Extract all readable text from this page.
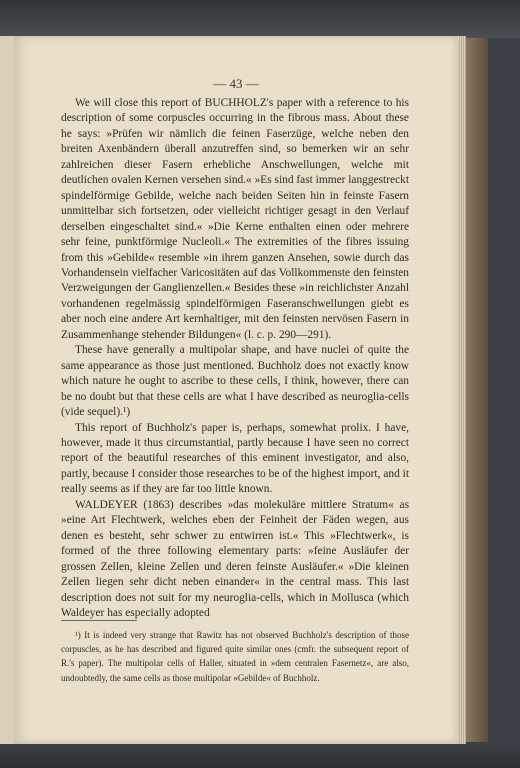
— 43 —

We will close this report of BUCHHOLZ's paper with a reference to his description of some corpuscles occurring in the fibrous mass. About these he says: »Prüfen wir nämlich die feinen Faserzüge, welche neben den breiten Axenbändern überall anzutreffen sind, so bemerken wir an sehr zahlreichen dieser Fasern erhebliche Anschwellungen, welche mit deutlichen ovalen Kernen versehen sind.« »Es sind fast immer langgestreckt spindelförmige Gebilde, welche nach beiden Seiten hin in feinste Fasern unmittelbar sich fortsetzen, oder vielleicht richtiger gesagt in den Verlauf derselben eingeschaltet sind.« »Die Kerne enthalten einen oder mehrere sehr feine, punktförmige Nucleoli.« The extremities of the fibres issuing from this »Gebilde« resemble »in ihrem ganzen Ansehen, sowie durch das Vorhandensein vielfacher Varicositäten auf das Vollkommenste den feinsten Verzweigungen der Ganglienzellen.« Besides these »in reichlichster Anzahl vorhandenen regelmässig spindelförmigen Faseranschwellungen giebt es aber noch eine andere Art kernhaltiger, mit den feinsten nervösen Fasern in Zusammenhange stehender Bildungen« (l. c. p. 290—291).

These have generally a multipolar shape, and have nuclei of quite the same appearance as those just mentioned. Buchholz does not exactly know which nature he ought to ascribe to these cells, I think, however, there can be no doubt but that these cells are what I have described as neuroglia-cells (vide sequel).¹)

This report of Buchholz's paper is, perhaps, somewhat prolix. I have, however, made it thus circumstantial, partly because I have seen no correct report of the beautiful researches of this eminent investigator, and also, partly, because I consider those researches to be of the highest import, and it really seems as if they are far too little known.

WALDEYER (1863) describes »das molekuläre mittlere Stratum« as »eine Art Flechtwerk, welches eben der Feinheit der Fäden wegen, aus denen es besteht, sehr schwer zu entwirren ist.« This »Flechtwerk«, is formed of the three following elementary parts: »feine Ausläufer der grossen Zellen, kleine Zellen und deren feinste Ausläufer.« »Die kleinen Zellen liegen sehr dicht neben einander« in the central mass. This last description does not suit for my neuroglia-cells, which in Mollusca (which Waldeyer has especially adopted

¹) It is indeed very strange that Rawitz has not observed Buchholz's description of those corpuscles, as he has described and figured quite similar ones (cmfr. the subsequent report of R.'s paper). The multipolar cells of Haller, situated in »dem centralen Fasernetz«, are also, undoubtedly, the same cells as those multipolar »Gebilde« of Buchholz.
